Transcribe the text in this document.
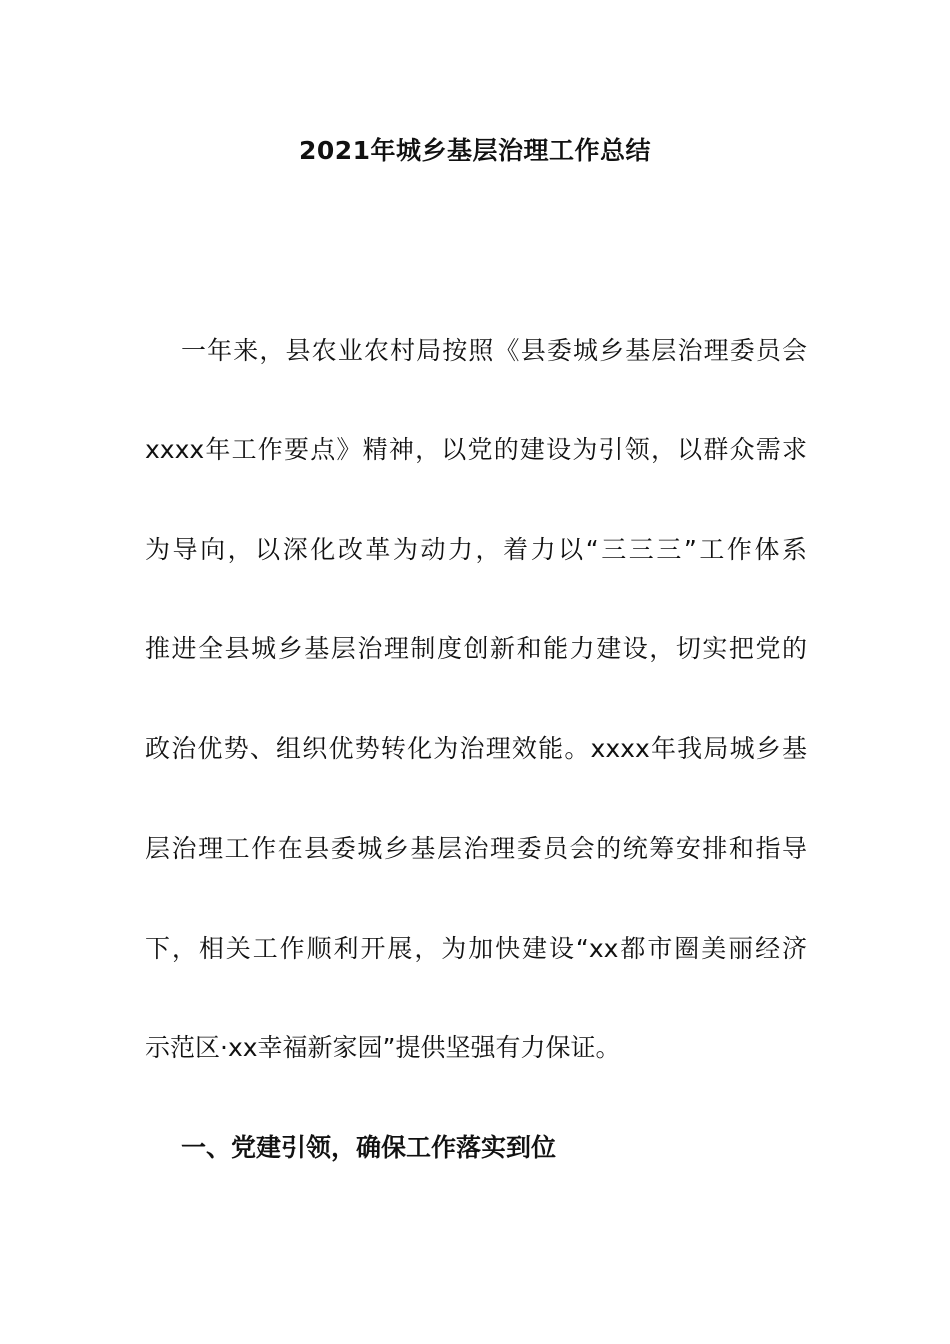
2021年城乡基层治理工作总结
一年来，县农业农村局按照《县委城乡基层治理委员会
xxxx年工作要点》精神，以党的建设为引领，以群众需求
为导向，以深化改革为动力，着力以“三三三”工作体系
推进全县城乡基层治理制度创新和能力建设，切实把党的
政治优势、组织优势转化为治理效能。xxxx年我局城乡基
层治理工作在县委城乡基层治理委员会的统筹安排和指导
下，相关工作顺利开展，为加快建设“xx都市圈美丽经济
示范区·xx幸福新家园”提供坚强有力保证。
一、党建引领，确保工作落实到位
